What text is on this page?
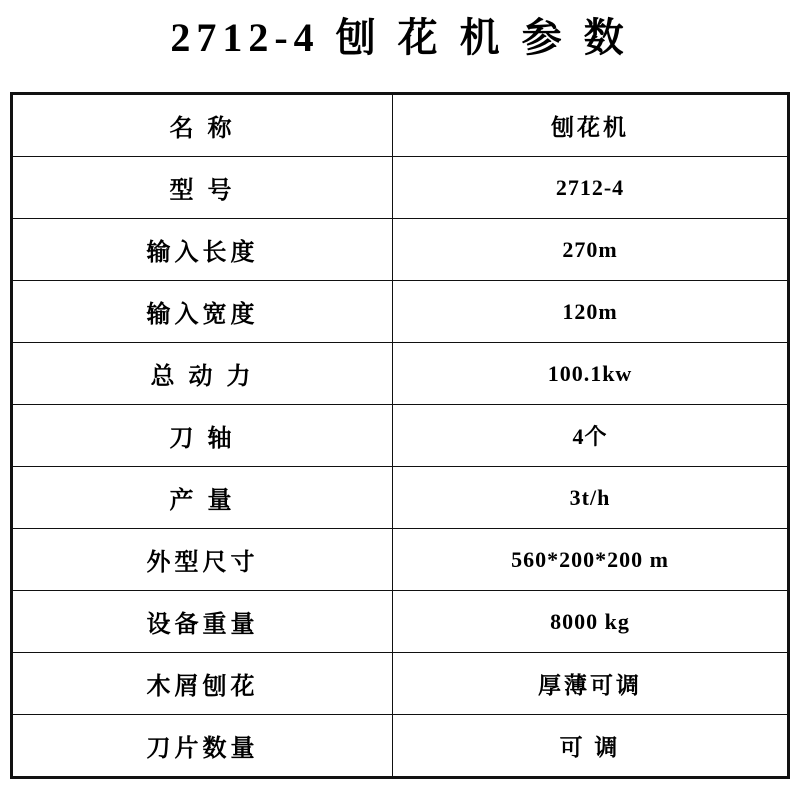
2712-4 刨 花 机 参 数
名 称	刨花机
型 号	2712-4
输入长度	270m
输入宽度	120m
总 动 力	100.1kw
刀 轴	4个
产 量	3t/h
外型尺寸	560*200*200 m
设备重量	8000 kg
木屑刨花	厚薄可调
刀片数量	可 调
